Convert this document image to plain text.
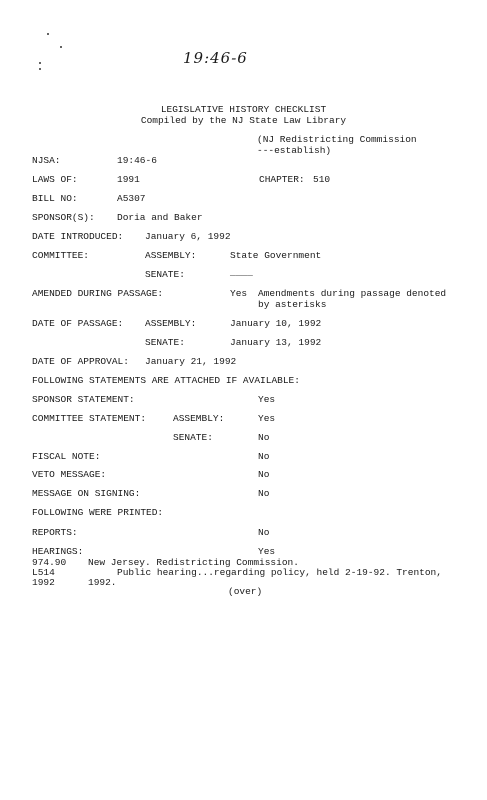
19:46-6
LEGISLATIVE HISTORY CHECKLIST
Compiled by the NJ State Law Library
(NJ Redistricting Commission
---establish)
NJSA:	19:46-6
LAWS OF:	1991	CHAPTER: 510
BILL NO:	A5307
SPONSOR(S): Doria and Baker
DATE INTRODUCED: January 6, 1992
COMMITTEE:	ASSEMBLY:	State Government
SENATE:	____
AMENDED DURING PASSAGE:	Yes Amendments during passage denoted
by asterisks
DATE OF PASSAGE: ASSEMBLY:	January 10, 1992
SENATE:	January 13, 1992
DATE OF APPROVAL: January 21, 1992
FOLLOWING STATEMENTS ARE ATTACHED IF AVAILABLE:
SPONSOR STATEMENT:	Yes
COMMITTEE STATEMENT:	ASSEMBLY:	Yes
SENATE:	No
FISCAL NOTE:	No
VETO MESSAGE:	No
MESSAGE ON SIGNING:	No
FOLLOWING WERE PRINTED:
REPORTS:	No
HEARINGS:	Yes
974.90 New Jersey. Redistricting Commission.
L514	Public hearing...regarding policy, held 2-19-92. Trenton,
1992	1992.
(over)
